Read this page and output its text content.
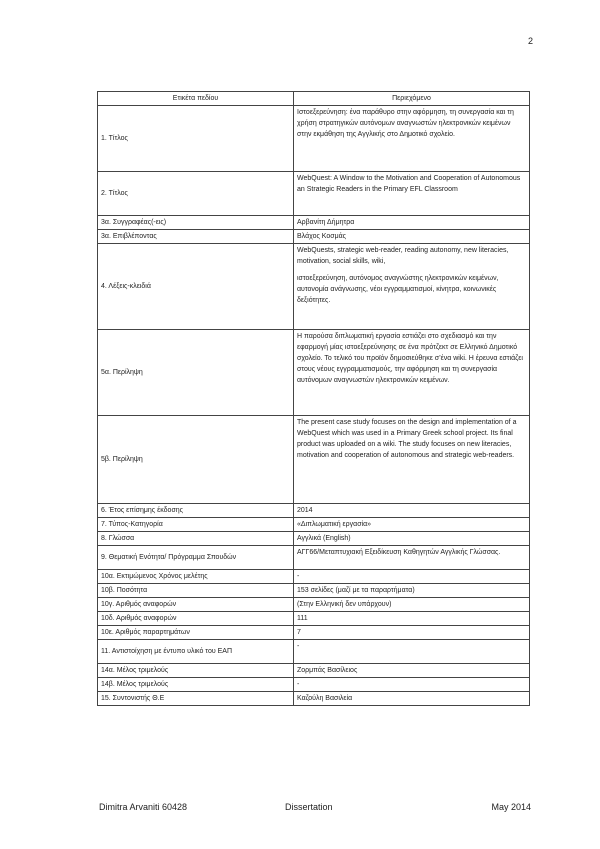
2
Ετικέτα πεδίου	Περιεχόμενο
1. Τίτλος	Ιστοεξερεύνηση: ένα παράθυρο στην αφόρμηση, τη συνεργασία και τη χρήση στρατηγικών αυτόνομων αναγνωστών ηλεκτρονικών κειμένων στην εκμάθηση της Αγγλικής στο Δημοτικό σχολείο.

2. Τίτλος	WebQuest: A Window to the Motivation and Cooperation of Autonomous an Strategic Readers in the Primary EFL Classroom

3α. Συγγραφέας(-εις)	Αρβανίτη Δήμητρα

3α. Επιβλέποντας	Βλάχος Κοσμάς

4. Λέξεις-κλειδιά	WebQuests, strategic web-reader, reading autonomy, new literacies, motivation, social skills, wiki,

ιστοεξερεύνηση, αυτόνομος αναγνώστης ηλεκτρονικών κειμένων, αυτονομία ανάγνωσης, νέοι εγγραμματισμοί, κίνητρα, κοινωνικές δεξιότητες.

5α. Περίληψη	Η παρούσα διπλωματική εργασία εστιάζει στο σχεδιασμό και την εφαρμογή μίας ιστοεξερεύνησης σε ένα πρότζεκτ σε Ελληνικό Δημοτικό σχολείο. Το τελικό του προϊόν δημοσιεύθηκε σ’ένα wiki. Η έρευνα εστιάζει στους νέους εγγραμματισμούς, την αφόρμηση και τη συνεργασία αυτόνομων αναγνωστών ηλεκτρονικών κειμένων.

5β. Περίληψη	The present case study focuses on the design and implementation of a WebQuest which was used in a Primary Greek school project. Its final product was uploaded on a wiki. The study focuses on new literacies, motivation and cooperation of autonomous and strategic web-readers.

6. Έτος επίσημης έκδοσης	2014

7. Τύπος-Κατηγορία	«Διπλωματική εργασία»

8. Γλώσσα	Αγγλικά (English)

9. Θεματική Ενότητα/ Πρόγραμμα Σπουδών	ΑΓΓ66/Μεταπτυχιακή Εξειδίκευση Καθηγητών Αγγλικής Γλώσσας.

10α. Εκτιμώμενος Χρόνος μελέτης	-

10β. Ποσότητα	153 σελίδες (μαζί με τα παραρτήματα)

10γ. Αριθμός αναφορών	(Στην Ελληνική δεν υπάρχουν)

10δ. Αριθμός αναφορών	111

10ε. Αριθμός παραρτημάτων	7

11. Αντιστοίχηση με έντυπο υλικό του ΕΑΠ	-

14α. Μέλος τριμελούς	Ζορμπάς Βασίλειος

14β. Μέλος τριμελούς	-

15. Συντονιστής Θ.Ε	Καζούλη Βασιλεία

Dimitra Arvaniti 60428	Dissertation	May 2014
